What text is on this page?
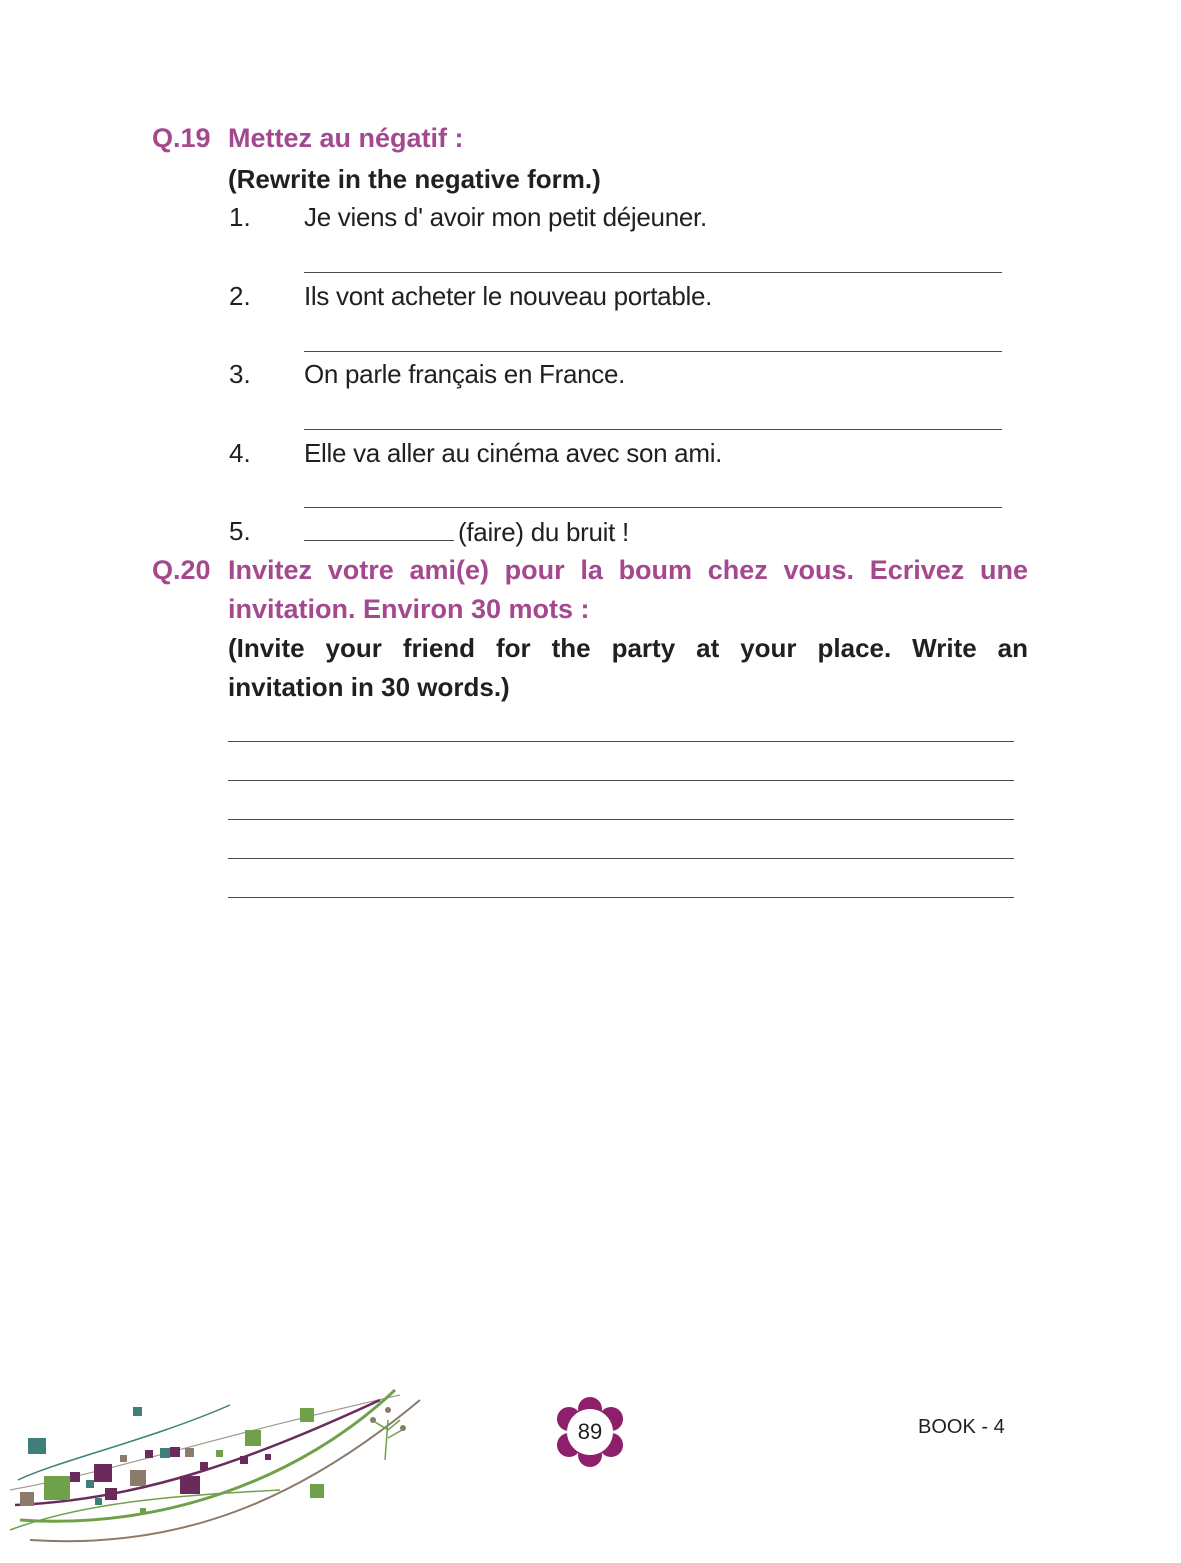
Q.19 Mettez au négatif :
(Rewrite in the negative form.)
1. Je viens d' avoir mon petit déjeuner.
2. Ils vont acheter le nouveau portable.
3. On parle français en France.
4. Elle va aller au cinéma avec son ami.
5.	(faire) du bruit !
Q.20 Invitez votre ami(e) pour la boum chez vous. Ecrivez une
invitation. Environ 30 mots :
(Invite your friend for the party at your place. Write an
invitation in 30 words.)
89	BOOK - 4
